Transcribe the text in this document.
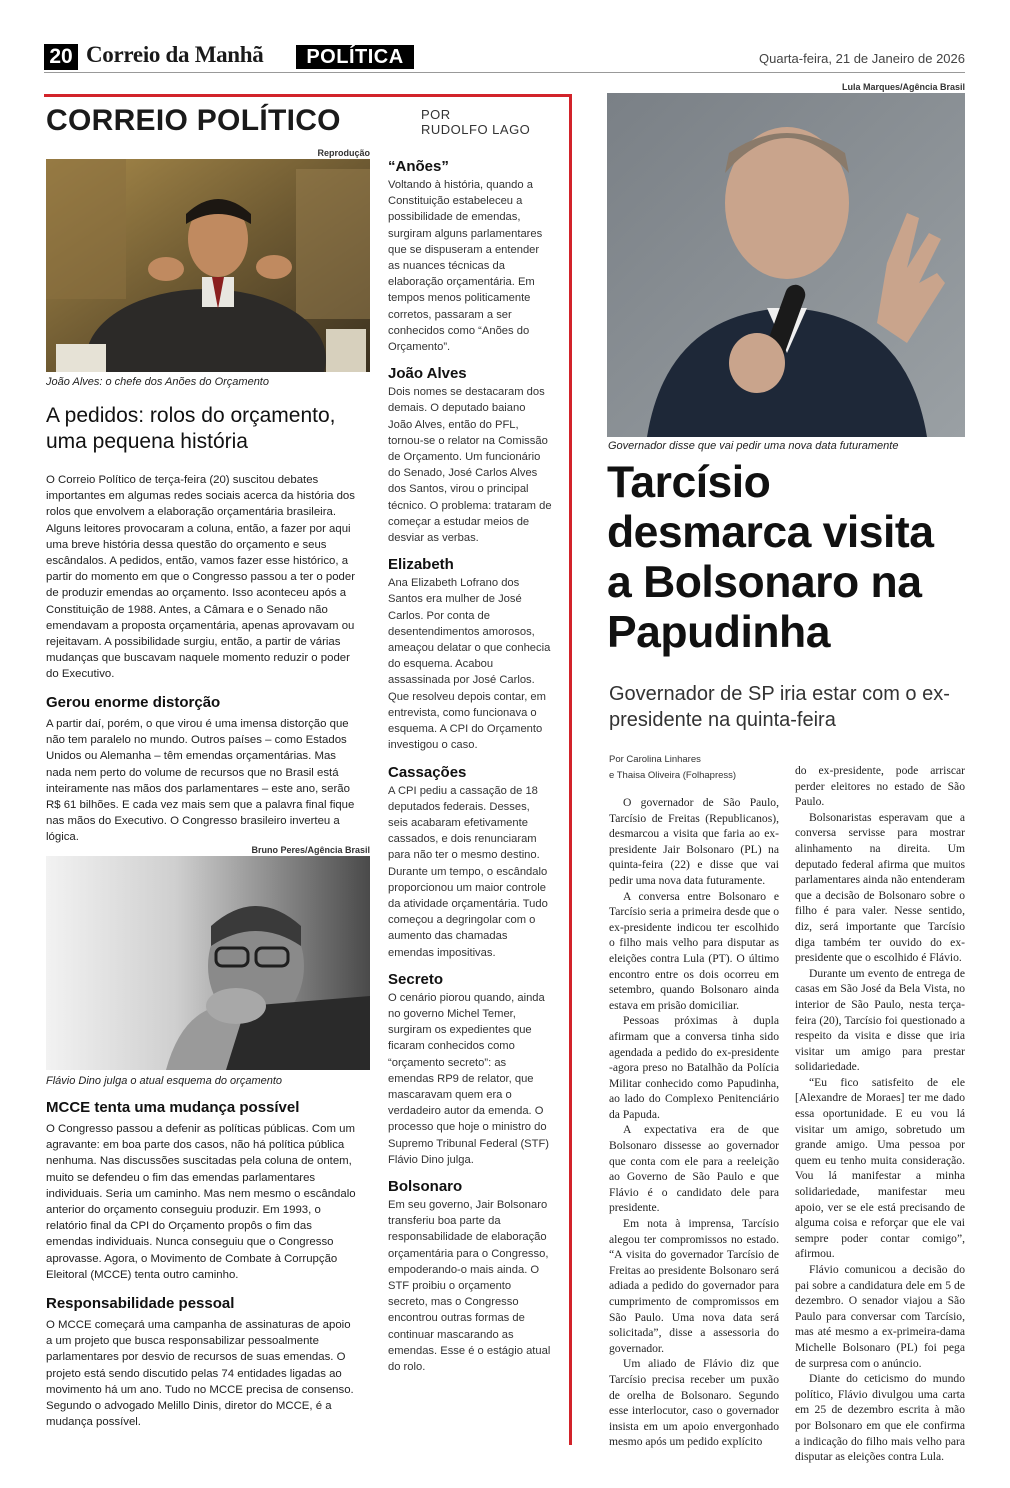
20 Correio da Manhã	POLÍTICA	Quarta-feira, 21 de Janeiro de 2026
CORREIO POLÍTICO	POR
RUDOLFO LAGO
Reprodução
João Alves: o chefe dos Anões do Orçamento
A pedidos: rolos do orçamento, uma pequena história
O Correio Político de terça-feira (20) suscitou debates importantes em algumas redes sociais acerca da história dos rolos que envolvem a elaboração orçamentária brasileira. Alguns leitores provocaram a coluna, então, a fazer por aqui uma breve história dessa questão do orçamento e seus escândalos. A pedidos, então, vamos fazer esse histórico, a partir do momento em que o Congresso passou a ter o poder de produzir emendas ao orçamento. Isso aconteceu após a Constituição de 1988. Antes, a Câmara e o Senado não emendavam a proposta orçamentária, apenas aprovavam ou rejeitavam. A possibilidade surgiu, então, a partir de várias mudanças que buscavam naquele momento reduzir o poder do Executivo.
Gerou enorme distorção
A partir daí, porém, o que virou é uma imensa distorção que não tem paralelo no mundo. Outros países – como Estados Unidos ou Alemanha – têm emendas orçamentárias. Mas nada nem perto do volume de recursos que no Brasil está inteiramente nas mãos dos parlamentares – este ano, serão R$ 61 bilhões. E cada vez mais sem que a palavra final fique nas mãos do Executivo. O Congresso brasileiro inverteu a lógica.
Bruno Peres/Agência Brasil
Flávio Dino julga o atual esquema do orçamento
MCCE tenta uma mudança possível
O Congresso passou a defenir as políticas públicas. Com um agravante: em boa parte dos casos, não há política pública nenhuma. Nas discussões suscitadas pela coluna de ontem, muito se defendeu o fim das emendas parlamentares individuais. Seria um caminho. Mas nem mesmo o escândalo anterior do orçamento conseguiu produzir. Em 1993, o relatório final da CPI do Orçamento propôs o fim das emendas individuais. Nunca conseguiu que o Congresso aprovasse. Agora, o Movimento de Combate à Corrupção Eleitoral (MCCE) tenta outro caminho.
Responsabilidade pessoal
O MCCE começará uma campanha de assinaturas de apoio a um projeto que busca responsabilizar pessoalmente parlamentares por desvio de recursos de suas emendas. O projeto está sendo discutido pelas 74 entidades ligadas ao movimento há um ano. Tudo no MCCE precisa de consenso. Segundo o advogado Melillo Dinis, diretor do MCCE, é a mudança possível.
“Anões”
Voltando à história, quando a Constituição estabeleceu a possibilidade de emendas, surgiram alguns parlamentares que se dispuseram a entender as nuances técnicas da elaboração orçamentária. Em tempos menos politicamente corretos, passaram a ser conhecidos como “Anões do Orçamento”.
João Alves
Dois nomes se destacaram dos demais. O deputado baiano João Alves, então do PFL, tornou-se o relator na Comissão de Orçamento. Um funcionário do Senado, José Carlos Alves dos Santos, virou o principal técnico. O problema: trataram de começar a estudar meios de desviar as verbas.
Elizabeth
Ana Elizabeth Lofrano dos Santos era mulher de José Carlos. Por conta de desentendimentos amorosos, ameaçou delatar o que conhecia do esquema. Acabou assassinada por José Carlos. Que resolveu depois contar, em entrevista, como funcionava o esquema. A CPI do Orçamento investigou o caso.
Cassações
A CPI pediu a cassação de 18 deputados federais. Desses, seis acabaram efetivamente cassados, e dois renunciaram para não ter o mesmo destino. Durante um tempo, o escândalo proporcionou um maior controle da atividade orçamentária. Tudo começou a degringolar com o aumento das chamadas emendas impositivas.
Secreto
O cenário piorou quando, ainda no governo Michel Temer, surgiram os expedientes que ficaram conhecidos como “orçamento secreto”: as emendas RP9 de relator, que mascaravam quem era o verdadeiro autor da emenda. O processo que hoje o ministro do Supremo Tribunal Federal (STF) Flávio Dino julga.
Bolsonaro
Em seu governo, Jair Bolsonaro transferiu boa parte da responsabilidade de elaboração orçamentária para o Congresso, empoderando-o mais ainda. O STF proibiu o orçamento secreto, mas o Congresso encontrou outras formas de continuar mascarando as emendas. Esse é o estágio atual do rolo.
Lula Marques/Agência Brasil
Governador disse que vai pedir uma nova data futuramente
Tarcísio desmarca visita a Bolsonaro na Papudinha
Governador de SP iria estar com o ex-presidente na quinta-feira
Por Carolina Linhares
e Thaisa Oliveira (Folhapress)

O governador de São Paulo, Tarcísio de Freitas (Republicanos), desmarcou a visita que faria ao ex-presidente Jair Bolsonaro (PL) na quinta-feira (22) e disse que vai pedir uma nova data futuramente.

A conversa entre Bolsonaro e Tarcísio seria a primeira desde que o ex-presidente indicou ter escolhido o filho mais velho para disputar as eleições contra Lula (PT). O último encontro entre os dois ocorreu em setembro, quando Bolsonaro ainda estava em prisão domiciliar.

Pessoas próximas à dupla afirmam que a conversa tinha sido agendada a pedido do ex-presidente -agora preso no Batalhão da Polícia Militar conhecido como Papudinha, ao lado do Complexo Penitenciário da Papuda.

A expectativa era de que Bolsonaro dissesse ao governador que conta com ele para a reeleição ao Governo de São Paulo e que Flávio é o candidato dele para presidente.

Em nota à imprensa, Tarcísio alegou ter compromissos no estado. “A visita do governador Tarcísio de Freitas ao presidente Bolsonaro será adiada a pedido do governador para cumprimento de compromissos em São Paulo. Uma nova data será solicitada”, disse a assessoria do governador.

Um aliado de Flávio diz que Tarcísio precisa receber um puxão de orelha de Bolsonaro. Segundo esse interlocutor, caso o governador insista em um apoio envergonhado mesmo após um pedido explícito

do ex-presidente, pode arriscar perder eleitores no estado de São Paulo.

Bolsonaristas esperavam que a conversa servisse para mostrar alinhamento na direita. Um deputado federal afirma que muitos parlamentares ainda não entenderam que a decisão de Bolsonaro sobre o filho é para valer. Nesse sentido, diz, será importante que Tarcísio diga também ter ouvido do ex-presidente que o escolhido é Flávio.

Durante um evento de entrega de casas em São José da Bela Vista, no interior de São Paulo, nesta terça-feira (20), Tarcísio foi questionado a respeito da visita e disse que iria visitar um amigo para prestar solidariedade.

“Eu fico satisfeito de ele [Alexandre de Moraes] ter me dado essa oportunidade. E eu vou lá visitar um amigo, sobretudo um grande amigo. Uma pessoa por quem eu tenho muita consideração. Vou lá manifestar a minha solidariedade, manifestar meu apoio, ver se ele está precisando de alguma coisa e reforçar que ele vai sempre poder contar comigo”, afirmou.

Flávio comunicou a decisão do pai sobre a candidatura dele em 5 de dezembro. O senador viajou a São Paulo para conversar com Tarcísio, mas até mesmo a ex-primeira-dama Michelle Bolsonaro (PL) foi pega de surpresa com o anúncio.

Diante do ceticismo do mundo político, Flávio divulgou uma carta em 25 de dezembro escrita à mão por Bolsonaro em que ele confirma a indicação do filho mais velho para disputar as eleições contra Lula.
